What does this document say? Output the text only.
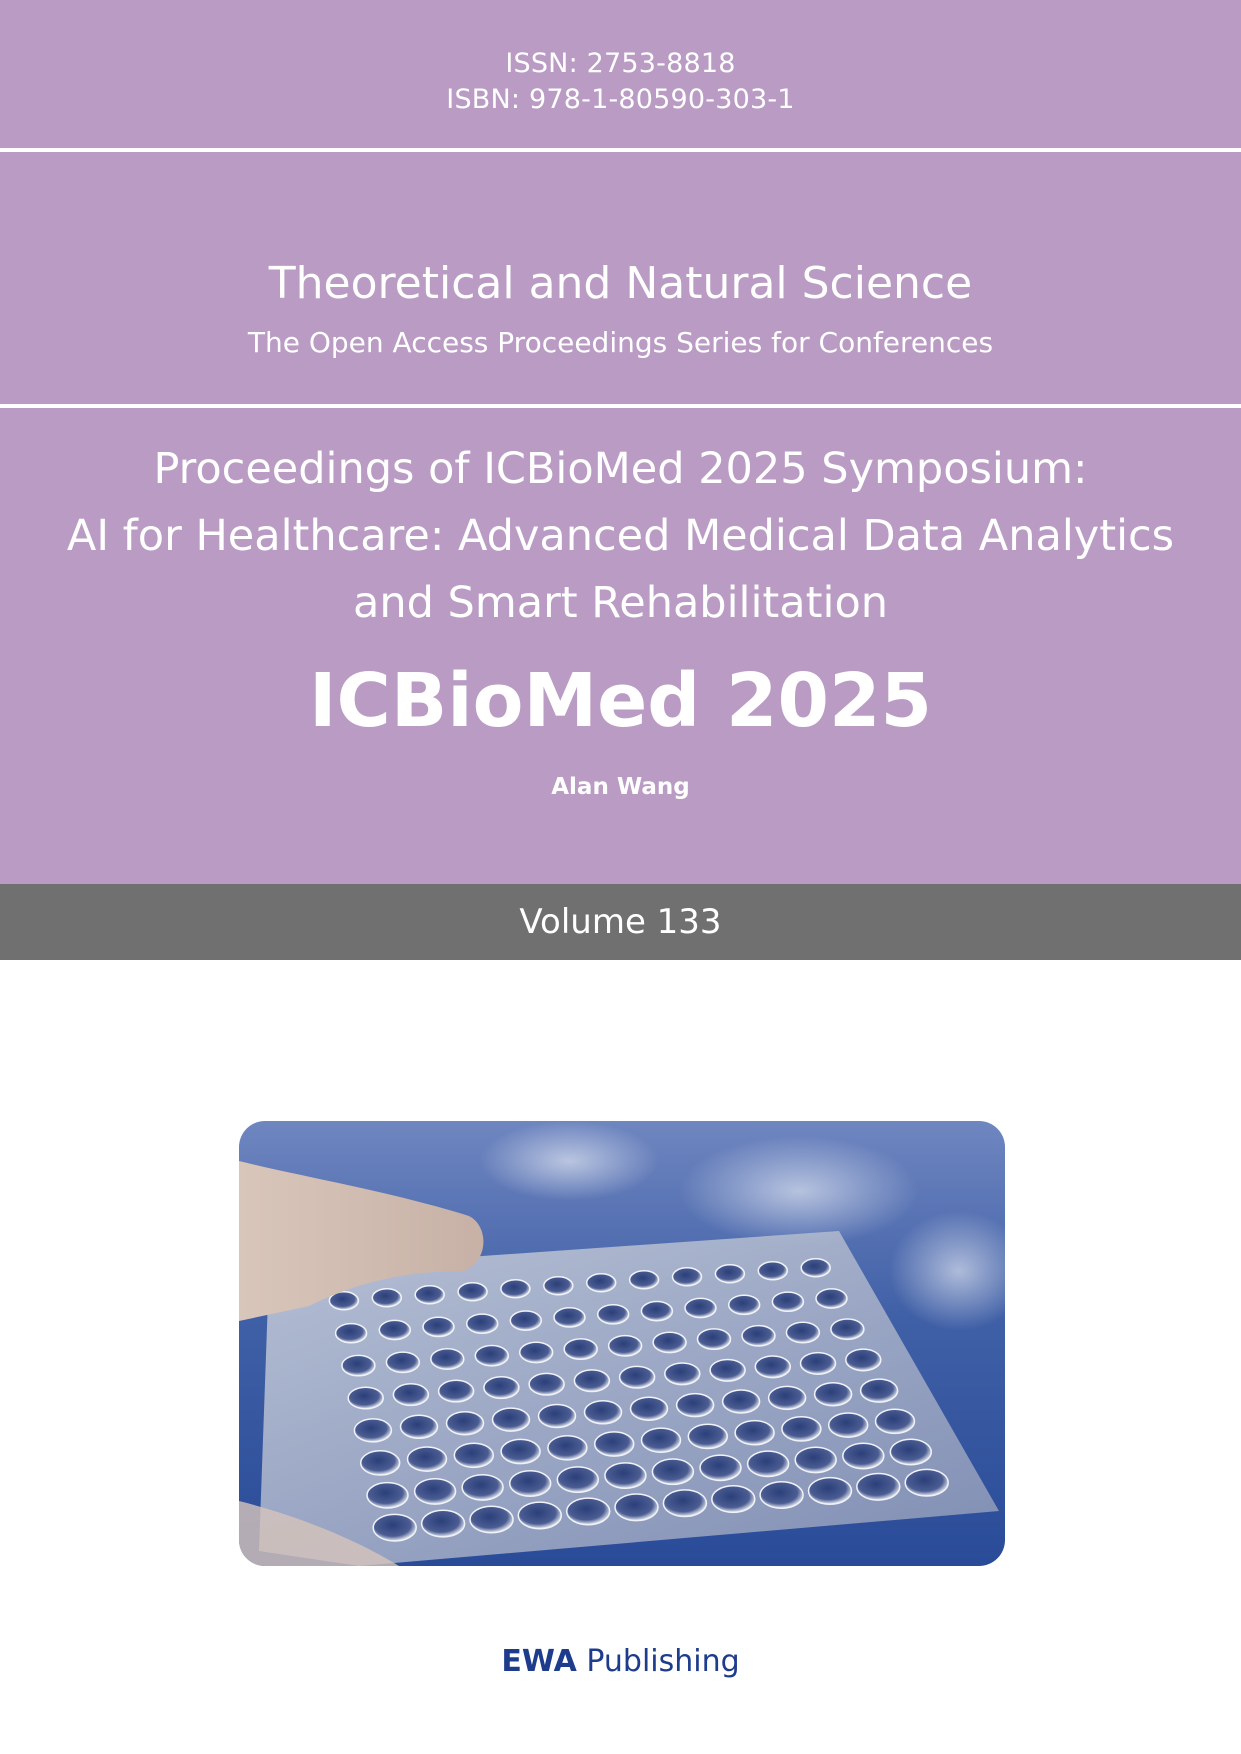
ISSN: 2753-8818
ISBN: 978-1-80590-303-1
Theoretical and Natural Science
The Open Access Proceedings Series for Conferences
Proceedings of ICBioMed 2025 Symposium:
AI for Healthcare: Advanced Medical Data Analytics
and Smart Rehabilitation
ICBioMed 2025
Alan Wang
Volume 133
EWA Publishing
